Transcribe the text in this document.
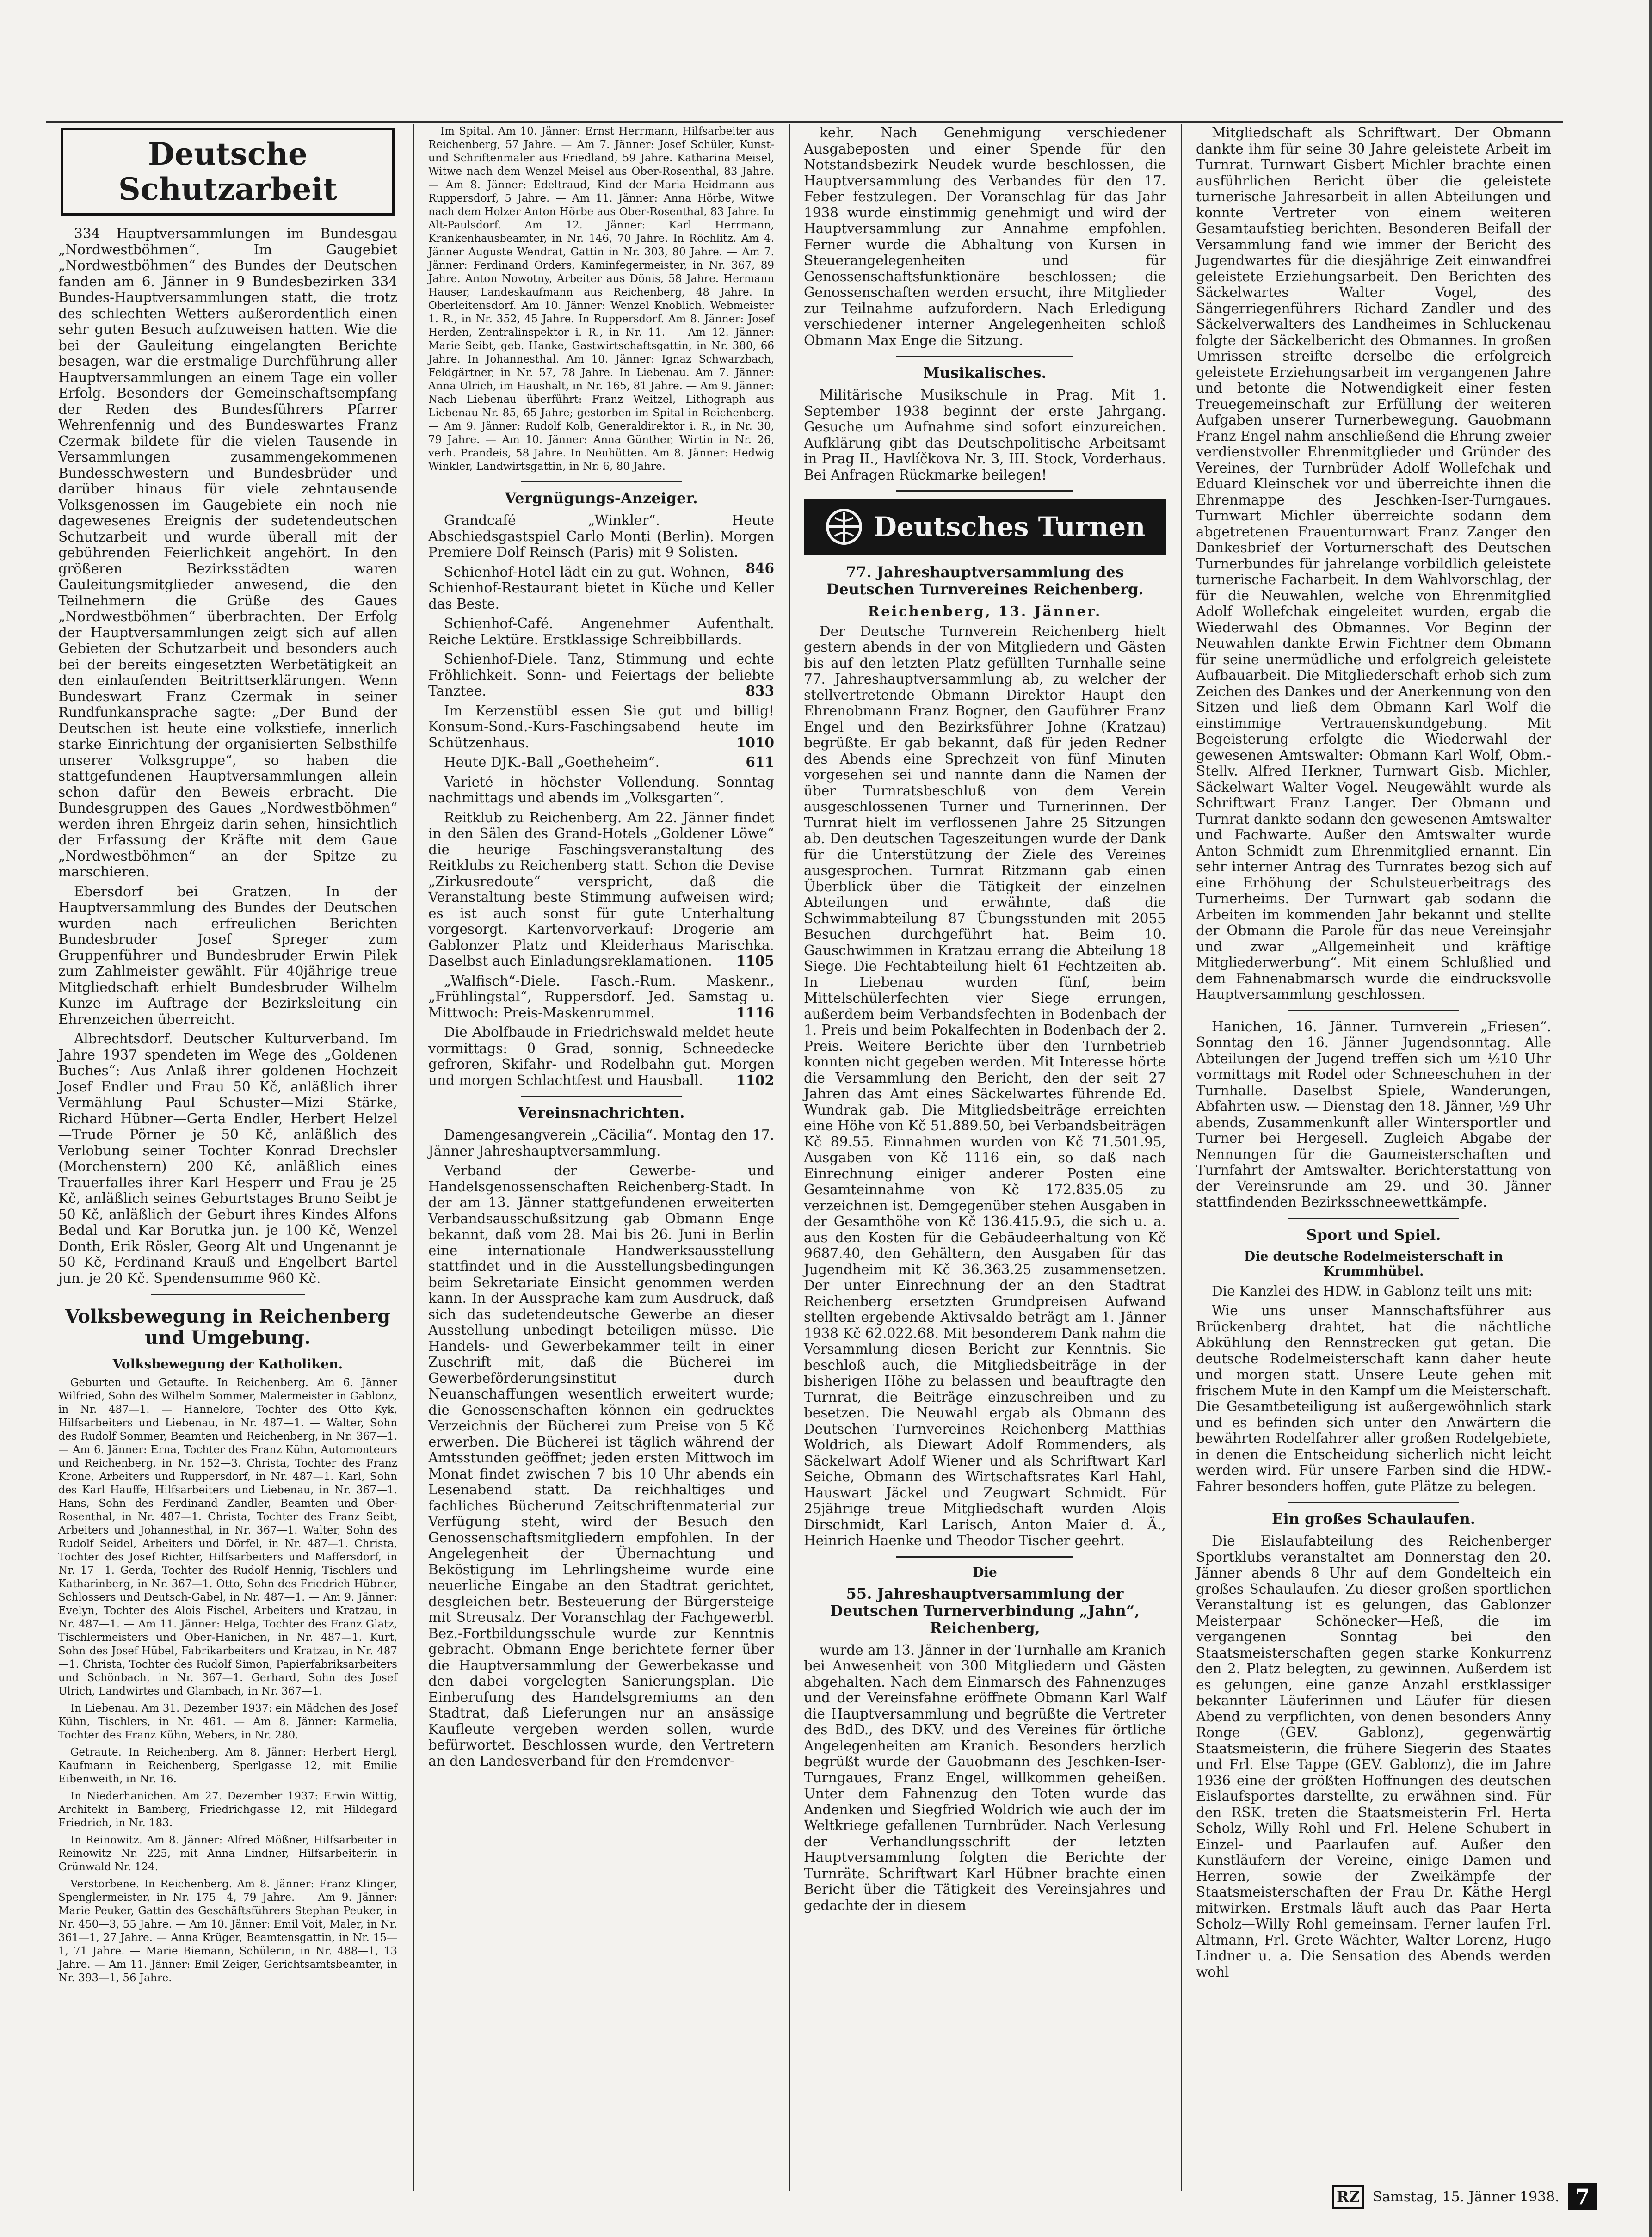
Deutsche Schutzarbeit

334 Hauptversammlungen im Bundesgau „Nordwestböhmen“. Im Gaugebiet „Nordwestböhmen“ des Bundes der Deutschen fanden am 6. Jänner in 9 Bundesbezirken 334 Bundes-Hauptversammlungen statt, die trotz des schlechten Wetters außerordentlich einen sehr guten Besuch aufzuweisen hatten. Wie die bei der Gauleitung eingelangten Berichte besagen, war die erstmalige Durchführung aller Hauptversammlungen an einem Tage ein voller Erfolg. Besonders der Gemeinschaftsempfang der Reden des Bundesführers Pfarrer Wehrenfennig und des Bundeswartes Franz Czermak bildete für die vielen Tausende in Versammlungen zusammengekommenen Bundesschwestern und Bundesbrüder und darüber hinaus für viele zehntausende Volksgenossen im Gaugebiete ein noch nie dagewesenes Ereignis der sudetendeutschen Schutzarbeit und wurde überall mit der gebührenden Feierlichkeit angehört. In den größeren Bezirksstädten waren Gauleitungsmitglieder anwesend, die den Teilnehmern die Grüße des Gaues „Nordwestböhmen“ überbrachten. Der Erfolg der Hauptversammlungen zeigt sich auf allen Gebieten der Schutzarbeit und besonders auch bei der bereits eingesetzten Werbetätigkeit an den einlaufenden Beitrittserklärungen. Wenn Bundeswart Franz Czermak in seiner Rundfunkansprache sagte: „Der Bund der Deutschen ist heute eine volkstiefe, innerlich starke Einrichtung der organisierten Selbsthilfe unserer Volksgruppe“, so haben die stattgefundenen Hauptversammlungen allein schon dafür den Beweis erbracht. Die Bundesgruppen des Gaues „Nordwestböhmen“ werden ihren Ehrgeiz darin sehen, hinsichtlich der Erfassung der Kräfte mit dem Gaue „Nordwestböhmen“ an der Spitze zu marschieren.

Ebersdorf bei Gratzen. In der Hauptversammlung des Bundes der Deutschen wurden nach erfreulichen Berichten Bundesbruder Josef Spreger zum Gruppenführer und Bundesbruder Erwin Pilek zum Zahlmeister gewählt. Für 40jährige treue Mitgliedschaft erhielt Bundesbruder Wilhelm Kunze im Auftrage der Bezirksleitung ein Ehrenzeichen überreicht.

Albrechtsdorf. Deutscher Kulturverband. Im Jahre 1937 spendeten im Wege des „Goldenen Buches“: Aus Anlaß ihrer goldenen Hochzeit Josef Endler und Frau 50 Kč, anläßlich ihrer Vermählung Paul Schuster—Mizi Stärke, Richard Hübner—Gerta Endler, Herbert Helzel—Trude Pörner je 50 Kč, anläßlich des Verlobung seiner Tochter Konrad Drechsler (Morchenstern) 200 Kč, anläßlich eines Trauerfalles ihrer Karl Hesperr und Frau je 25 Kč, anläßlich seines Geburtstages Bruno Seibt je 50 Kč, anläßlich der Geburt ihres Kindes Alfons Bedal und Kar Borutka jun. je 100 Kč, Wenzel Donth, Erik Rösler, Georg Alt und Ungenannt je 50 Kč, Ferdinand Krauß und Engelbert Bartel jun. je 20 Kč. Spendensumme 960 Kč.

Volksbewegung in Reichenberg und Umgebung.
Volksbewegung der Katholiken.

Geburten und Getaufte. In Reichenberg. Am 6. Jänner Wilfried, Sohn des Wilhelm Sommer, Malermeister in Gablonz, in Nr. 487—1. — Hannelore, Tochter des Otto Kyk, Hilfsarbeiters und Liebenau, in Nr. 487—1. — Walter, Sohn des Rudolf Sommer, Beamten und Reichenberg, in Nr. 367—1. — Am 6. Jänner: Erna, Tochter des Franz Kühn, Automonteurs und Reichenberg, in Nr. 152—3. Christa, Tochter des Franz Krone, Arbeiters und Ruppersdorf, in Nr. 487—1. Karl, Sohn des Karl Hauffe, Hilfsarbeiters und Liebenau, in Nr. 367—1. Hans, Sohn des Ferdinand Zandler, Beamten und Ober-Rosenthal, in Nr. 487—1. Christa, Tochter des Franz Seibt, Arbeiters und Johannesthal, in Nr. 367—1. Walter, Sohn des Rudolf Seidel, Arbeiters und Dörfel, in Nr. 487—1. Christa, Tochter des Josef Richter, Hilfsarbeiters und Maffersdorf, in Nr. 17—1. Gerda, Tochter des Rudolf Hennig, Tischlers und Katharinberg, in Nr. 367—1. Otto, Sohn des Friedrich Hübner, Schlossers und Deutsch-Gabel, in Nr. 487—1. — Am 9. Jänner: Evelyn, Tochter des Alois Fischel, Arbeiters und Kratzau, in Nr. 487—1. — Am 11. Jänner: Helga, Tochter des Franz Glatz, Tischlermeisters und Ober-Hanichen, in Nr. 487—1. Kurt, Sohn des Josef Hübel, Fabrikarbeiters und Kratzau, in Nr. 487—1. Christa, Tochter des Rudolf Simon, Papierfabriksarbeiters und Schönbach, in Nr. 367—1. Gerhard, Sohn des Josef Ulrich, Landwirtes und Glambach, in Nr. 367—1.

In Liebenau. Am 31. Dezember 1937: ein Mädchen des Josef Kühn, Tischlers, in Nr. 461. — Am 8. Jänner: Karmelia, Tochter des Franz Kühn, Webers, in Nr. 280.

Getraute. In Reichenberg. Am 8. Jänner: Herbert Hergl, Kaufmann in Reichenberg, Sperlgasse 12, mit Emilie Eibenweith, in Nr. 16.

In Niederhanichen. Am 27. Dezember 1937: Erwin Wittig, Architekt in Bamberg, Friedrichgasse 12, mit Hildegard Friedrich, in Nr. 183.

In Reinowitz. Am 8. Jänner: Alfred Mößner, Hilfsarbeiter in Reinowitz Nr. 225, mit Anna Lindner, Hilfsarbeiterin in Grünwald Nr. 124.

Verstorbene. In Reichenberg. Am 8. Jänner: Franz Klinger, Spenglermeister, in Nr. 175—4, 79 Jahre. — Am 9. Jänner: Marie Peuker, Gattin des Geschäftsführers Stephan Peuker, in Nr. 450—3, 55 Jahre. — Am 10. Jänner: Emil Voit, Maler, in Nr. 361—1, 27 Jahre. — Anna Krüger, Beamtensgattin, in Nr. 15—1, 71 Jahre. — Marie Biemann, Schülerin, in Nr. 488—1, 13 Jahre. — Am 11. Jänner: Emil Zeiger, Gerichtsamtsbeamter, in Nr. 393—1, 56 Jahre.

Im Spital. Am 10. Jänner: Ernst Herrmann, Hilfsarbeiter aus Reichenberg, 57 Jahre. — Am 7. Jänner: Josef Schüler, Kunst- und Schriftenmaler aus Friedland, 59 Jahre. Katharina Meisel, Witwe nach dem Wenzel Meisel aus Ober-Rosenthal, 83 Jahre. — Am 8. Jänner: Edeltraud, Kind der Maria Heidmann aus Ruppersdorf, 5 Jahre. — Am 11. Jänner: Anna Hörbe, Witwe nach dem Holzer Anton Hörbe aus Ober-Rosenthal, 83 Jahre. In Alt-Paulsdorf. Am 12. Jänner: Karl Herrmann, Krankenhausbeamter, in Nr. 146, 70 Jahre. In Röchlitz. Am 4. Jänner Auguste Wendrat, Gattin in Nr. 303, 80 Jahre. — Am 7. Jänner: Ferdinand Orders, Kaminfegermeister, in Nr. 367, 89 Jahre. Anton Nowotny, Arbeiter aus Dönis, 58 Jahre. Hermann Hauser, Landeskaufmann aus Reichenberg, 48 Jahre. In Oberleitensdorf. Am 10. Jänner: Wenzel Knoblich, Webmeister 1. R., in Nr. 352, 45 Jahre. In Ruppersdorf. Am 8. Jänner: Josef Herden, Zentralinspektor i. R., in Nr. 11. — Am 12. Jänner: Marie Seibt, geb. Hanke, Gastwirtschaftsgattin, in Nr. 380, 66 Jahre. In Johannesthal. Am 10. Jänner: Ignaz Schwarzbach, Feldgärtner, in Nr. 57, 78 Jahre. In Liebenau. Am 7. Jänner: Anna Ulrich, im Haushalt, in Nr. 165, 81 Jahre. — Am 9. Jänner: Nach Liebenau überführt: Franz Weitzel, Lithograph aus Liebenau Nr. 85, 65 Jahre; gestorben im Spital in Reichenberg. — Am 9. Jänner: Rudolf Kolb, Generaldirektor i. R., in Nr. 30, 79 Jahre. — Am 10. Jänner: Anna Günther, Wirtin in Nr. 26, verh. Prandeis, 58 Jahre. In Neuhütten. Am 8. Jänner: Hedwig Winkler, Landwirtsgattin, in Nr. 6, 80 Jahre.

Vergnügungs-Anzeiger.

Grandcafé „Winkler“. Heute Abschiedsgastspiel Carlo Monti (Berlin). Morgen Premiere Dolf Reinsch (Paris) mit 9 Solisten.
846

Schienhof-Hotel lädt ein zu gut. Wohnen, Schienhof-Restaurant bietet in Küche und Keller das Beste.

Schienhof-Café. Angenehmer Aufenthalt. Reiche Lektüre. Erstklassige Schreibbillards.

Schienhof-Diele. Tanz, Stimmung und echte Fröhlichkeit. Sonn- und Feiertags der beliebte Tanztee.	833

Im Kerzenstübl essen Sie gut und billig! Konsum-Sond.-Kurs-Faschingsabend heute im Schützenhaus.	1010

Heute DJK.-Ball „Goetheheim“.	611

Varieté in höchster Vollendung. Sonntag nachmittags und abends im „Volksgarten“.

Reitklub zu Reichenberg. Am 22. Jänner findet in den Sälen des Grand-Hotels „Goldener Löwe“ die heurige Faschingsveranstaltung des Reitklubs zu Reichenberg statt. Schon die Devise „Zirkusredoute“ verspricht, daß die Veranstaltung beste Stimmung aufweisen wird; es ist auch sonst für gute Unterhaltung vorgesorgt. Kartenvorverkauf: Drogerie am Gablonzer Platz und Kleiderhaus Marischka. Daselbst auch Einladungsreklamationen.	1105

„Walfisch“-Diele. Fasch.-Rum. Maskenr., „Frühlingstal“, Ruppersdorf. Jed. Samstag u. Mittwoch: Preis-Maskenrummel.	1116

Die Abolfbaude in Friedrichswald meldet heute vormittags: 0 Grad, sonnig, Schneedecke gefroren, Skifahr- und Rodelbahn gut. Morgen und morgen Schlachtfest und Hausball.	1102

Vereinsnachrichten.

Damengesangverein „Cäcilia“. Montag den 17. Jänner Jahreshauptversammlung.

Verband der Gewerbe- und Handelsgenossenschaften Reichenberg-Stadt. In der am 13. Jänner stattgefundenen erweiterten Verbandsausschußsitzung gab Obmann Enge bekannt, daß vom 28. Mai bis 26. Juni in Berlin eine internationale Handwerksausstellung stattfindet und in die Ausstellungsbedingungen beim Sekretariate Einsicht genommen werden kann. In der Aussprache kam zum Ausdruck, daß sich das sudetendeutsche Gewerbe an dieser Ausstellung unbedingt beteiligen müsse. Die Handels- und Gewerbekammer teilt in einer Zuschrift mit, daß die Bücherei im Gewerbeförderungsinstitut durch Neuanschaffungen wesentlich erweitert wurde; die Genossenschaften können ein gedrucktes Verzeichnis der Bücherei zum Preise von 5 Kč erwerben. Die Bücherei ist täglich während der Amtsstunden geöffnet; jeden ersten Mittwoch im Monat findet zwischen 7 bis 10 Uhr abends ein Lesenabend statt. Da reichhaltiges und fachliches Bücherund Zeitschriftenmaterial zur Verfügung steht, wird der Besuch den Genossenschaftsmitgliedern empfohlen. In der Angelegenheit der Übernachtung und Beköstigung im Lehrlingsheime wurde eine neuerliche Eingabe an den Stadtrat gerichtet, desgleichen betr. Besteuerung der Bürgersteige mit Streusalz. Der Voranschlag der Fachgewerbl. Bez.-Fortbildungsschule wurde zur Kenntnis gebracht. Obmann Enge berichtete ferner über die Hauptversammlung der Gewerbekasse und den dabei vorgelegten Sanierungsplan. Die Einberufung des Handelsgremiums an den Stadtrat, daß Lieferungen nur an ansässige Kaufleute vergeben werden sollen, wurde befürwortet. Beschlossen wurde, den Vertretern an den Landesverband für den Fremdenver-

kehr. Nach Genehmigung verschiedener Ausgabeposten und einer Spende für den Notstandsbezirk Neudek wurde beschlossen, die Hauptversammlung des Verbandes für den 17. Feber festzulegen. Der Voranschlag für das Jahr 1938 wurde einstimmig genehmigt und wird der Hauptversammlung zur Annahme empfohlen. Ferner wurde die Abhaltung von Kursen in Steuerangelegenheiten und für Genossenschaftsfunktionäre beschlossen; die Genossenschaften werden ersucht, ihre Mitglieder zur Teilnahme aufzufordern. Nach Erledigung verschiedener interner Angelegenheiten schloß Obmann Max Enge die Sitzung.

Musikalisches.

Militärische Musikschule in Prag. Mit 1. September 1938 beginnt der erste Jahrgang. Gesuche um Aufnahme sind sofort einzureichen. Aufklärung gibt das Deutschpolitische Arbeitsamt in Prag II., Havlíčkova Nr. 3, III. Stock, Vorderhaus. Bei Anfragen Rückmarke beilegen!

Deutsches Turnen
77. Jahreshauptversammlung des Deutschen Turnvereines Reichenberg.

Reichenberg, 13. Jänner.

Der Deutsche Turnverein Reichenberg hielt gestern abends in der von Mitgliedern und Gästen bis auf den letzten Platz gefüllten Turnhalle seine 77. Jahreshauptversammlung ab, zu welcher der stellvertretende Obmann Direktor Haupt den Ehrenobmann Franz Bogner, den Gauführer Franz Engel und den Bezirksführer Johne (Kratzau) begrüßte. Er gab bekannt, daß für jeden Redner des Abends eine Sprechzeit von fünf Minuten vorgesehen sei und nannte dann die Namen der über Turnratsbeschluß von dem Verein ausgeschlossenen Turner und Turnerinnen. Der Turnrat hielt im verflossenen Jahre 25 Sitzungen ab. Den deutschen Tageszeitungen wurde der Dank für die Unterstützung der Ziele des Vereines ausgesprochen. Turnrat Ritzmann gab einen Überblick über die Tätigkeit der einzelnen Abteilungen und erwähnte, daß die Schwimmabteilung 87 Übungsstunden mit 2055 Besuchen durchgeführt hat. Beim 10. Gauschwimmen in Kratzau errang die Abteilung 18 Siege. Die Fechtabteilung hielt 61 Fechtzeiten ab. In Liebenau wurden fünf, beim Mittelschülerfechten vier Siege errungen, außerdem beim Verbandsfechten in Bodenbach der 1. Preis und beim Pokalfechten in Bodenbach der 2. Preis. Weitere Berichte über den Turnbetrieb konnten nicht gegeben werden. Mit Interesse hörte die Versammlung den Bericht, den der seit 27 Jahren das Amt eines Säckelwartes führende Ed. Wundrak gab. Die Mitgliedsbeiträge erreichten eine Höhe von Kč 51.889.50, bei Verbandsbeiträgen Kč 89.55. Einnahmen wurden von Kč 71.501.95, Ausgaben von Kč 1116 ein, so daß nach Einrechnung einiger anderer Posten eine Gesamteinnahme von Kč 172.835.05 zu verzeichnen ist. Demgegenüber stehen Ausgaben in der Gesamthöhe von Kč 136.415.95, die sich u. a. aus den Kosten für die Gebäudeerhaltung von Kč 9687.40, den Gehältern, den Ausgaben für das Jugendheim mit Kč 36.363.25 zusammensetzen. Der unter Einrechnung der an den Stadtrat Reichenberg ersetzten Grundpreisen Aufwand stellten ergebende Aktivsaldo beträgt am 1. Jänner 1938 Kč 62.022.68. Mit besonderem Dank nahm die Versammlung diesen Bericht zur Kenntnis. Sie beschloß auch, die Mitgliedsbeiträge in der bisherigen Höhe zu belassen und beauftragte den Turnrat, die Beiträge einzuschreiben und zu besetzen. Die Neuwahl ergab als Obmann des Deutschen Turnvereines Reichenberg Matthias Woldrich, als Diewart Adolf Rommenders, als Säckelwart Adolf Wiener und als Schriftwart Karl Seiche, Obmann des Wirtschaftsrates Karl Hahl, Hauswart Jäckel und Zeugwart Schmidt. Für 25jährige treue Mitgliedschaft wurden Alois Dirschmidt, Karl Larisch, Anton Maier d. Ä., Heinrich Haenke und Theodor Tischer geehrt.

Die
55. Jahreshauptversammlung der Deutschen Turnerverbindung „Jahn“, Reichenberg,

wurde am 13. Jänner in der Turnhalle am Kranich bei Anwesenheit von 300 Mitgliedern und Gästen abgehalten. Nach dem Einmarsch des Fahnenzuges und der Vereinsfahne eröffnete Obmann Karl Walf die Hauptversammlung und begrüßte die Vertreter des BdD., des DKV. und des Vereines für örtliche Angelegenheiten am Kranich. Besonders herzlich begrüßt wurde der Gauobmann des Jeschken-Iser-Turngaues, Franz Engel, willkommen geheißen. Unter dem Fahnenzug den Toten wurde das Andenken und Siegfried Woldrich wie auch der im Weltkriege gefallenen Turnbrüder. Nach Verlesung der Verhandlungsschrift der letzten Hauptversammlung folgten die Berichte der Turnräte. Schriftwart Karl Hübner brachte einen Bericht über die Tätigkeit des Vereinsjahres und gedachte der in diesem

Mitgliedschaft als Schriftwart. Der Obmann dankte ihm für seine 30 Jahre geleistete Arbeit im Turnrat. Turnwart Gisbert Michler brachte einen ausführlichen Bericht über die geleistete turnerische Jahresarbeit in allen Abteilungen und konnte Vertreter von einem weiteren Gesamtaufstieg berichten. Besonderen Beifall der Versammlung fand wie immer der Bericht des Jugendwartes für die diesjährige Zeit einwandfrei geleistete Erziehungsarbeit. Den Berichten des Säckelwartes Walter Vogel, des Sängerriegenführers Richard Zandler und des Säckelverwalters des Landheimes in Schluckenau folgte der Säckelbericht des Obmannes. In großen Umrissen streifte derselbe die erfolgreich geleistete Erziehungsarbeit im vergangenen Jahre und betonte die Notwendigkeit einer festen Treuegemeinschaft zur Erfüllung der weiteren Aufgaben unserer Turnerbewegung. Gauobmann Franz Engel nahm anschließend die Ehrung zweier verdienstvoller Ehrenmitglieder und Gründer des Vereines, der Turnbrüder Adolf Wollefchak und Eduard Kleinschek vor und überreichte ihnen die Ehrenmappe des Jeschken-Iser-Turngaues. Turnwart Michler überreichte sodann dem abgetretenen Frauenturnwart Franz Zanger den Dankesbrief der Vorturnerschaft des Deutschen Turnerbundes für jahrelange vorbildlich geleistete turnerische Facharbeit. In dem Wahlvorschlag, der für die Neuwahlen, welche von Ehrenmitglied Adolf Wollefchak eingeleitet wurden, ergab die Wiederwahl des Obmannes. Vor Beginn der Neuwahlen dankte Erwin Fichtner dem Obmann für seine unermüdliche und erfolgreich geleistete Aufbauarbeit. Die Mitgliederschaft erhob sich zum Zeichen des Dankes und der Anerkennung von den Sitzen und ließ dem Obmann Karl Wolf die einstimmige Vertrauenskundgebung. Mit Begeisterung erfolgte die Wiederwahl der gewesenen Amtswalter: Obmann Karl Wolf, Obm.-Stellv. Alfred Herkner, Turnwart Gisb. Michler, Säckelwart Walter Vogel. Neugewählt wurde als Schriftwart Franz Langer. Der Obmann und Turnrat dankte sodann den gewesenen Amtswalter und Fachwarte. Außer den Amtswalter wurde Anton Schmidt zum Ehrenmitglied ernannt. Ein sehr interner Antrag des Turnrates bezog sich auf eine Erhöhung der Schulsteuerbeitrags des Turnerheims. Der Turnwart gab sodann die Arbeiten im kommenden Jahr bekannt und stellte der Obmann die Parole für das neue Vereinsjahr und zwar „Allgemeinheit und kräftige Mitgliederwerbung“. Mit einem Schlußlied und dem Fahnenabmarsch wurde die eindrucksvolle Hauptversammlung geschlossen.

Hanichen, 16. Jänner. Turnverein „Friesen“. Sonntag den 16. Jänner Jugendsonntag. Alle Abteilungen der Jugend treffen sich um ½10 Uhr vormittags mit Rodel oder Schneeschuhen in der Turnhalle. Daselbst Spiele, Wanderungen, Abfahrten usw. — Dienstag den 18. Jänner, ½9 Uhr abends, Zusammenkunft aller Wintersportler und Turner bei Hergesell. Zugleich Abgabe der Nennungen für die Gaumeisterschaften und Turnfahrt der Amtswalter. Berichterstattung von der Vereinsrunde am 29. und 30. Jänner stattfindenden Bezirksschneewettkämpfe.

Sport und Spiel.
Die deutsche Rodelmeisterschaft in Krummhübel.

Die Kanzlei des HDW. in Gablonz teilt uns mit:

Wie uns unser Mannschaftsführer aus Brückenberg drahtet, hat die nächtliche Abkühlung den Rennstrecken gut getan. Die deutsche Rodelmeisterschaft kann daher heute und morgen statt. Unsere Leute gehen mit frischem Mute in den Kampf um die Meisterschaft. Die Gesamtbeteiligung ist außergewöhnlich stark und es befinden sich unter den Anwärtern die bewährten Rodelfahrer aller großen Rodelgebiete, in denen die Entscheidung sicherlich nicht leicht werden wird. Für unsere Farben sind die HDW.-Fahrer besonders hoffen, gute Plätze zu belegen.

Ein großes Schaulaufen.

Die Eislaufabteilung des Reichenberger Sportklubs veranstaltet am Donnerstag den 20. Jänner abends 8 Uhr auf dem Gondelteich ein großes Schaulaufen. Zu dieser großen sportlichen Veranstaltung ist es gelungen, das Gablonzer Meisterpaar Schönecker—Heß, die im vergangenen Sonntag bei den Staatsmeisterschaften gegen starke Konkurrenz den 2. Platz belegten, zu gewinnen. Außerdem ist es gelungen, eine ganze Anzahl erstklassiger bekannter Läuferinnen und Läufer für diesen Abend zu verpflichten, von denen besonders Anny Ronge (GEV. Gablonz), gegenwärtig Staatsmeisterin, die frühere Siegerin des Staates und Frl. Else Tappe (GEV. Gablonz), die im Jahre 1936 eine der größten Hoffnungen des deutschen Eislaufsportes darstellte, zu erwähnen sind. Für den RSK. treten die Staatsmeisterin Frl. Herta Scholz, Willy Rohl und Frl. Helene Schubert in Einzel- und Paarlaufen auf. Außer den Kunstläufern der Vereine, einige Damen und Herren, sowie der Zweikämpfe der Staatsmeisterschaften der Frau Dr. Käthe Hergl mitwirken. Erstmals läuft auch das Paar Herta Scholz—Willy Rohl gemeinsam. Ferner laufen Frl. Altmann, Frl. Grete Wächter, Walter Lorenz, Hugo Lindner u. a. Die Sensation des Abends werden wohl

RZ Samstag, 15. Jänner 1938. 7
